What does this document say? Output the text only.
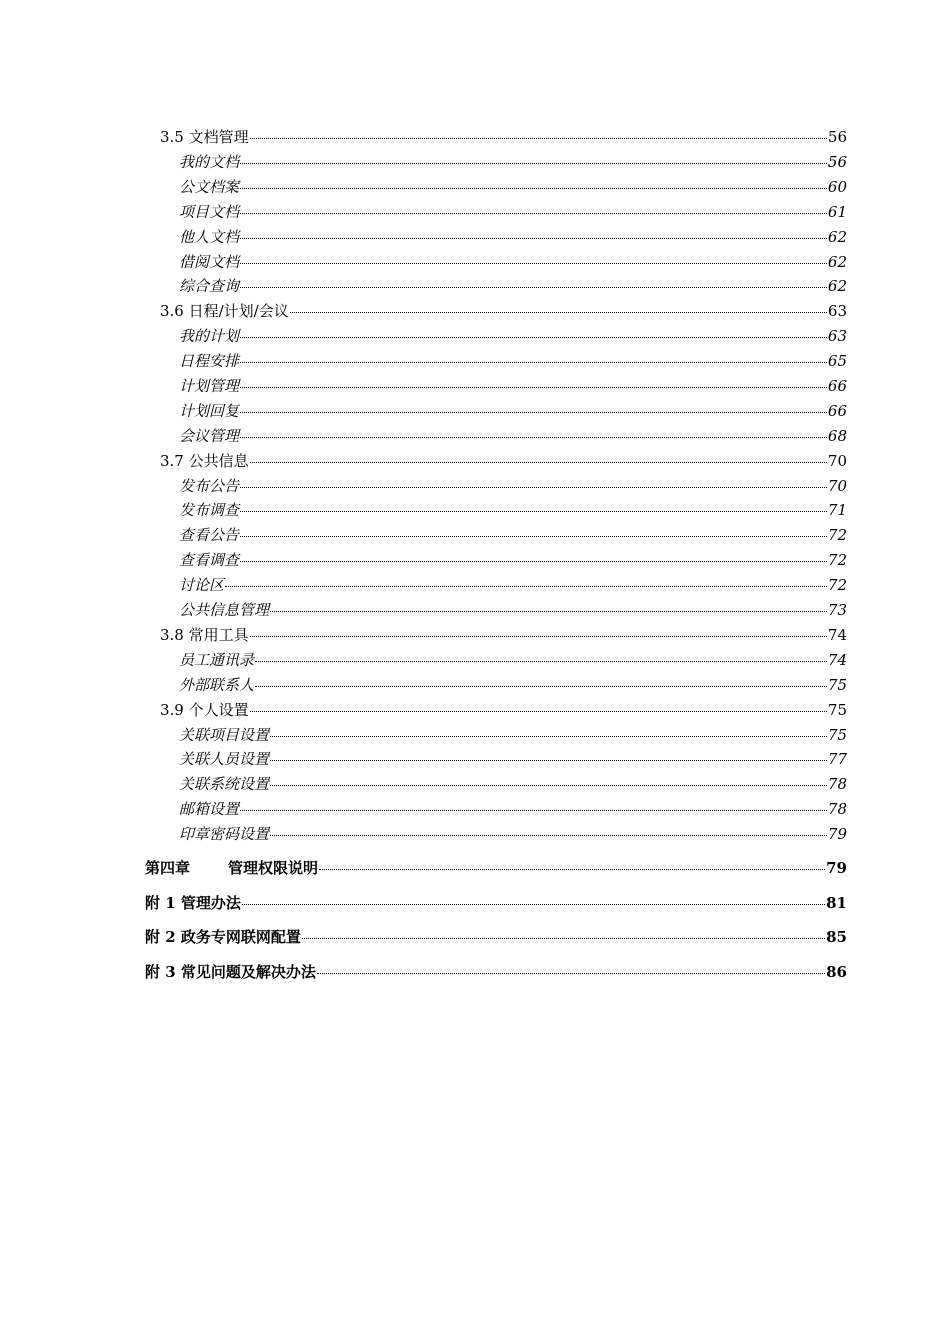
3.5 文档管理	56
我的文档	56
公文档案	60
项目文档	61
他人文档	62
借阅文档	62
综合查询	62
3.6 日程/计划/会议	63
我的计划	63
日程安排	65
计划管理	66
计划回复	66
会议管理	68
3.7 公共信息	70
发布公告	70
发布调查	71
查看公告	72
查看调查	72
讨论区	72
公共信息管理	73
3.8 常用工具	74
员工通讯录	74
外部联系人	75
3.9 个人设置	75
关联项目设置	75
关联人员设置	77
关联系统设置	78
邮箱设置	78
印章密码设置	79
第四章	管理权限说明	79
附 1 管理办法	81
附 2 政务专网联网配置	85
附 3 常见问题及解决办法	86
